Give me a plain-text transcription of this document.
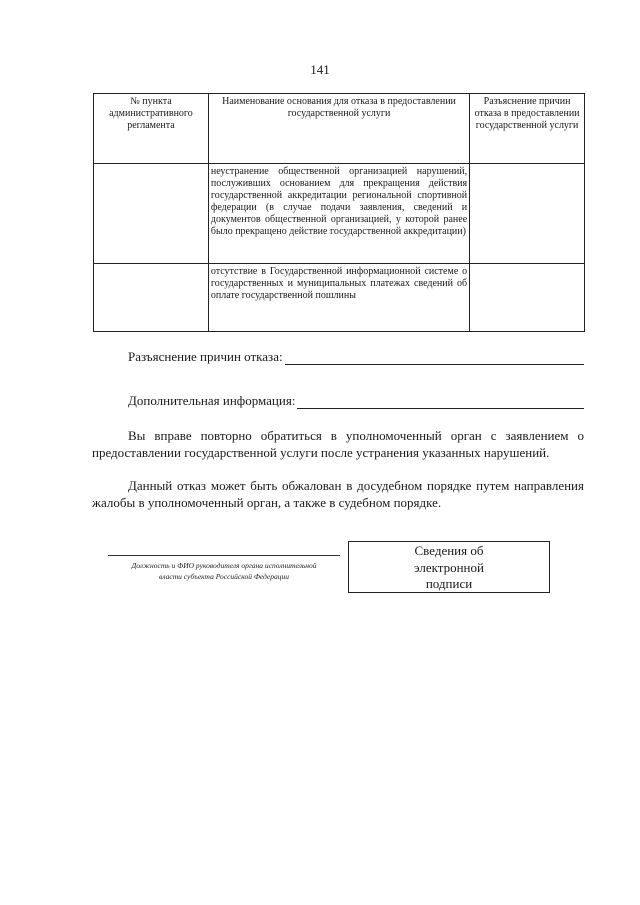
141
№ пункта административного регламента	Наименование основания для отказа в предоставлении государственной услуги	Разъяснение причин отказа в предоставлении государственной услуги
	неустранение общественной организацией нарушений, послуживших основанием для прекращения действия государственной аккредитации региональной спортивной федерации (в случае подачи заявления, сведений и документов общественной организацией, у которой ранее было прекращено действие государственной аккредитации)	
	отсутствие в Государственной информационной системе о государственных и муниципальных платежах сведений об оплате государственной пошлины	
Разъяснение причин отказа:
Дополнительная информация:
Вы вправе повторно обратиться в уполномоченный орган с заявлением о предоставлении государственной услуги после устранения указанных нарушений.
Данный отказ может быть обжалован в досудебном порядке путем направления жалобы в уполномоченный орган, а также в судебном порядке.
Должность и ФИО руководителя органа исполнительной
власти субъекта Российской Федерации
Сведения об
электронной
подписи
